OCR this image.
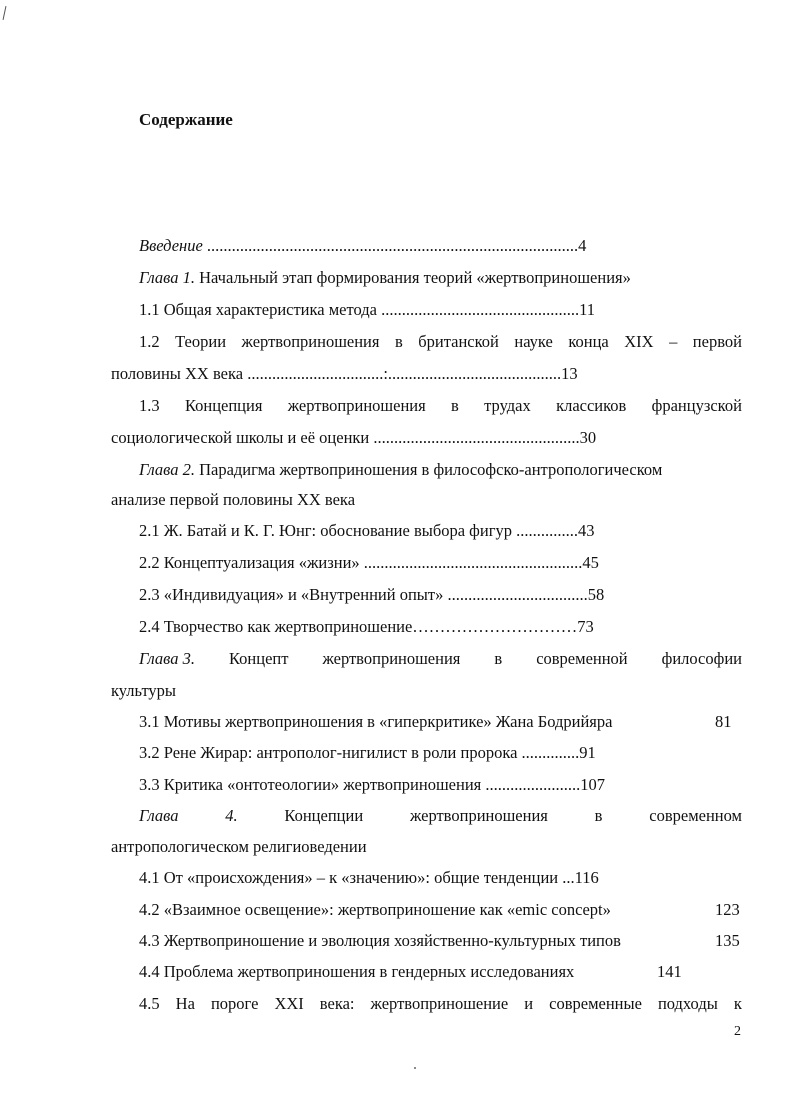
Содержание
Введение ..........................................................................................4
Глава 1. Начальный этап формирования теорий «жертвоприношения»
1.1 Общая характеристика метода ................................................11
1.2 Теории жертвоприношения в британской науке конца XIX – первой
половины XX века .................................:..........................................13
1.3 Концепция жертвоприношения в трудах классиков французской
социологической школы и её оценки ..................................................30
Глава 2. Парадигма жертвоприношения в философско-антропологическом
анализе первой половины XX века
2.1 Ж. Батай и К. Г. Юнг: обоснование выбора фигур ...............43
2.2 Концептуализация «жизни» .....................................................45
2.3 «Индивидуация» и «Внутренний опыт» ..................................58
2.4 Творчество как жертвоприношение…………………………73
Глава 3. Концепт жертвоприношения в современной философии
культуры
3.1 Мотивы жертвоприношения в «гиперкритике» Жана Бодрийяра	81
3.2 Рене Жирар: антрополог-нигилист в роли пророка ..............91
3.3 Критика «онтотеологии» жертвоприношения .......................107
Глава	4.	Концепции	жертвоприношения	в	современном
антропологическом религиоведении
4.1 От «происхождения» – к «значению»: общие тенденции ...116
4.2 «Взаимное освещение»: жертвоприношение как «emic concept»	123
4.3 Жертвоприношение и эволюция хозяйственно-культурных типов	135
4.4 Проблема жертвоприношения в гендерных исследованиях	141
4.5 На пороге XXI века: жертвоприношение и современные подходы к
2
